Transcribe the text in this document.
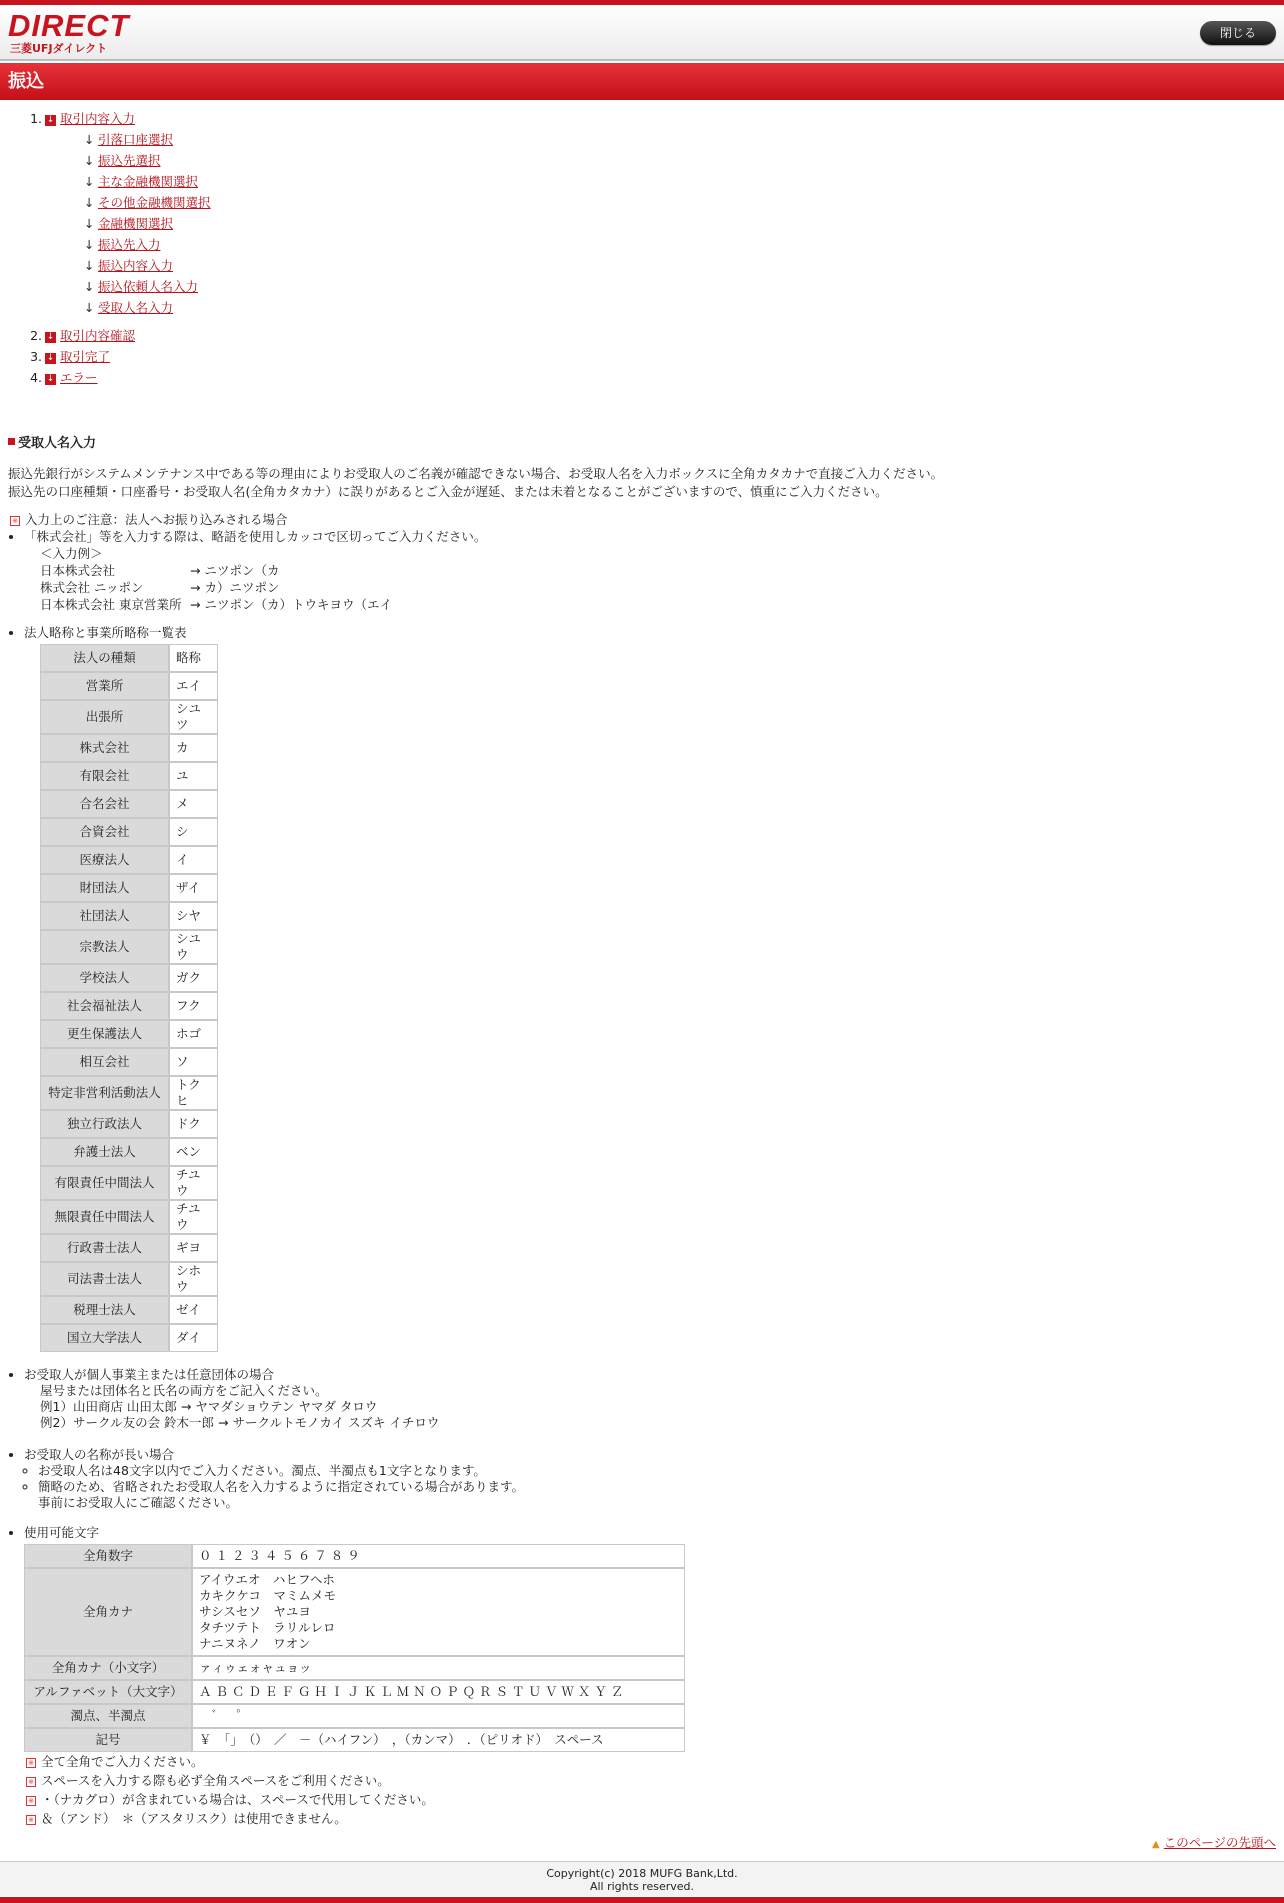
DIRECT
三菱UFJダイレクト
閉じる
振込
1. ↓ 取引内容入力
↓ 引落口座選択
↓ 振込先選択
↓ 主な金融機関選択
↓ その他金融機関選択
↓ 金融機関選択
↓ 振込先入力
↓ 振込内容入力
↓ 振込依頼人名入力
↓ 受取人名入力
2. ↓ 取引内容確認
3. ↓ 取引完了
4. ↓ エラー
受取人名入力

振込先銀行がシステムメンテナンス中である等の理由によりお受取人のご名義が確認できない場合、お受取人名を入力ボックスに全角カタカナで直接ご入力ください。

振込先の口座種類・口座番号・お受取人名(全角カタカナ）に誤りがあるとご入金が遅延、または未着となることがございますので、慎重にご入力ください。

※ 入力上のご注意：法人へお振り込みされる場合
• 「株式会社」等を入力する際は、略語を使用しカッコで区切ってご入力ください。
＜入力例＞
日本株式会社	→ ニツポン（カ
株式会社 ニッポン	→ カ）ニツポン
日本株式会社 東京営業所	→ ニツポン（カ）トウキヨウ（エイ
• 法人略称と事業所略称一覧表
法人の種類	略称
営業所	エイ
出張所	シユツ
株式会社	カ
有限会社	ユ
合名会社	メ
合資会社	シ
医療法人	イ
財団法人	ザイ
社団法人	シヤ
宗教法人	シユウ
学校法人	ガク
社会福祉法人	フク
更生保護法人	ホゴ
相互会社	ソ
特定非営利活動法人	トクヒ
独立行政法人	ドク
弁護士法人	ベン
有限責任中間法人	チユウ
無限責任中間法人	チユウ
行政書士法人	ギヨ
司法書士法人	シホウ
税理士法人	ゼイ
国立大学法人	ダイ
• お受取人が個人事業主または任意団体の場合
屋号または団体名と氏名の両方をご記入ください。
例1）山田商店 山田太郎 → ヤマダショウテン ヤマダ タロウ
例2）サークル友の会 鈴木一郎 → サークルトモノカイ スズキ イチロウ
• お受取人の名称が長い場合
◦ お受取人名は48文字以内でご入力ください。濁点、半濁点も1文字となります。
◦ 簡略のため、省略されたお受取人名を入力するように指定されている場合があります。
事前にお受取人にご確認ください。
• 使用可能文字
全角数字	０ １ ２ ３ ４ ５ ６ ７ ８ ９
全角カナ	アイウエオ　ハヒフヘホ
カキクケコ　マミムメモ
サシスセソ　ヤユヨ
タチツテト　ラリルレロ
ナニヌネノ　ワオン
全角カナ（小文字）	ァィゥェォャュョッ
アルファベット（大文字）	Ａ Ｂ Ｃ Ｄ Ｅ Ｆ Ｇ Ｈ Ｉ Ｊ Ｋ Ｌ Ｍ Ｎ Ｏ Ｐ Ｑ Ｒ Ｓ Ｔ Ｕ Ｖ Ｗ Ｘ Ｙ Ｚ
濁点、半濁点	　゛　゜
記号	￥　「」　（）　／　－（ハイフン）　，（カンマ）　．（ピリオド）　スペース
※ 全て全角でご入力ください。
※ スペースを入力する際も必ず全角スペースをご利用ください。
※ ・（ナカグロ）が含まれている場合は、スペースで代用してください。
※ ＆（アンド）　＊（アスタリスク）は使用できません。
▲ このページの先頭へ
Copyright(c) 2018 MUFG Bank,Ltd.
All rights reserved.
